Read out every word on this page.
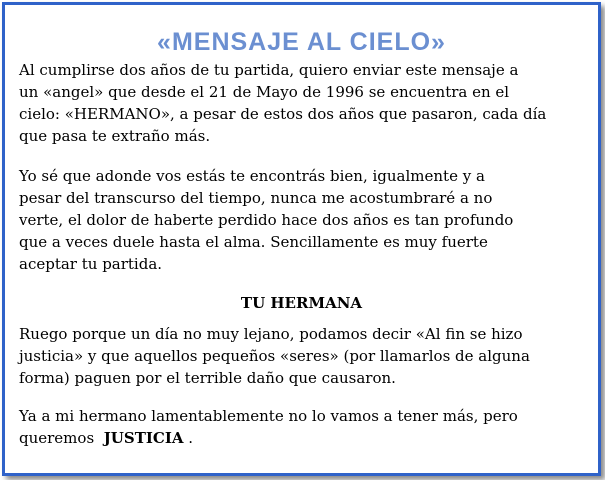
«MENSAJE AL CIELO»

Al cumplirse dos años de tu partida, quiero enviar este mensaje a
un «angel» que desde el 21 de Mayo de 1996 se encuentra en el
cielo: «HERMANO», a pesar de estos dos años que pasaron, cada día
que pasa te extraño más.

Yo sé que adonde vos estás te encontrás bien, igualmente y a
pesar del transcurso del tiempo, nunca me acostumbraré a no
verte, el dolor de haberte perdido hace dos años es tan profundo
que a veces duele hasta el alma. Sencillamente es muy fuerte
aceptar tu partida.

TU HERMANA

Ruego porque un día no muy lejano, podamos decir «Al fin se hizo
justicia» y que aquellos pequeños «seres» (por llamarlos de alguna
forma) paguen por el terrible daño que causaron.

Ya a mi hermano lamentablemente no lo vamos a tener más, pero
queremos JUSTICIA .
